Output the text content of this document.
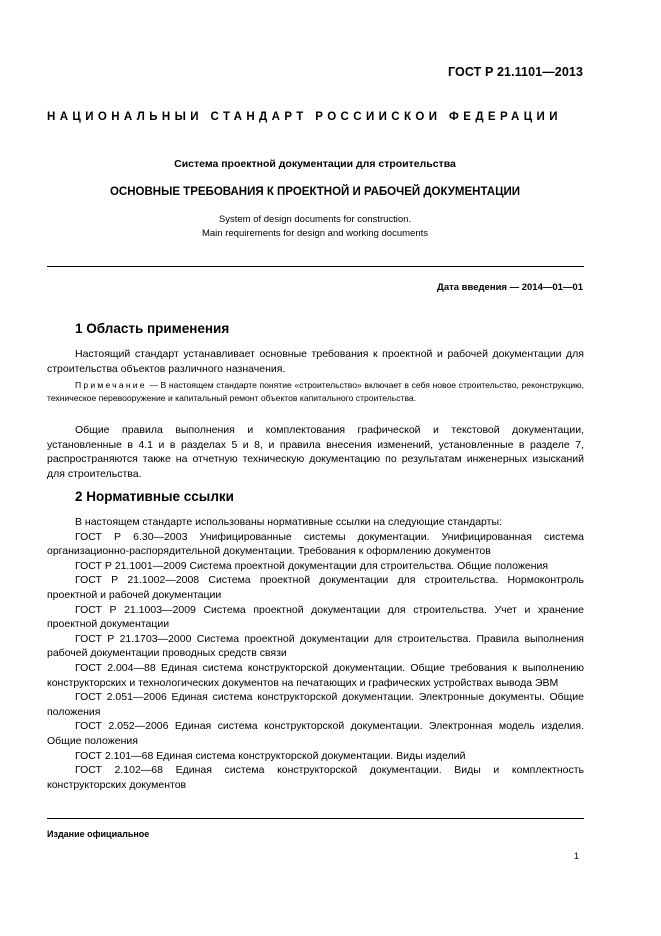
ГОСТ Р 21.1101—2013
НАЦИОНАЛЬНЫЙ СТАНДАРТ РОССИЙСКОЙ ФЕДЕРАЦИИ
Система проектной документации для строительства
ОСНОВНЫЕ ТРЕБОВАНИЯ К ПРОЕКТНОЙ И РАБОЧЕЙ ДОКУМЕНТАЦИИ
System of design documents for construction.
Main requirements for design and working documents
Дата введения — 2014—01—01
1 Область применения

Настоящий стандарт устанавливает основные требования к проектной и рабочей документации для строительства объектов различного назначения.

Примечание — В настоящем стандарте понятие «строительство» включает в себя новое строительство, реконструкцию, техническое перевооружение и капитальный ремонт объектов капитального строительства.

Общие правила выполнения и комплектования графической и текстовой документации, установленные в 4.1 и в разделах 5 и 8, и правила внесения изменений, установленные в разделе 7, распространяются также на отчетную техническую документацию по результатам инженерных изысканий для строительства.

2 Нормативные ссылки

В настоящем стандарте использованы нормативные ссылки на следующие стандарты:

ГОСТ Р 6.30—2003 Унифицированные системы документации. Унифицированная система организационно-распорядительной документации. Требования к оформлению документов

ГОСТ Р 21.1001—2009 Система проектной документации для строительства. Общие положения

ГОСТ Р 21.1002—2008 Система проектной документации для строительства. Нормоконтроль проектной и рабочей документации

ГОСТ Р 21.1003—2009 Система проектной документации для строительства. Учет и хранение проектной документации

ГОСТ Р 21.1703—2000 Система проектной документации для строительства. Правила выполнения рабочей документации проводных средств связи

ГОСТ 2.004—88 Единая система конструкторской документации. Общие требования к выполнению конструкторских и технологических документов на печатающих и графических устройствах вывода ЭВМ

ГОСТ 2.051—2006 Единая система конструкторской документации. Электронные документы. Общие положения

ГОСТ 2.052—2006 Единая система конструкторской документации. Электронная модель изделия. Общие положения

ГОСТ 2.101—68 Единая система конструкторской документации. Виды изделий

ГОСТ 2.102—68 Единая система конструкторской документации. Виды и комплектность конструкторских документов

Издание официальное
1
